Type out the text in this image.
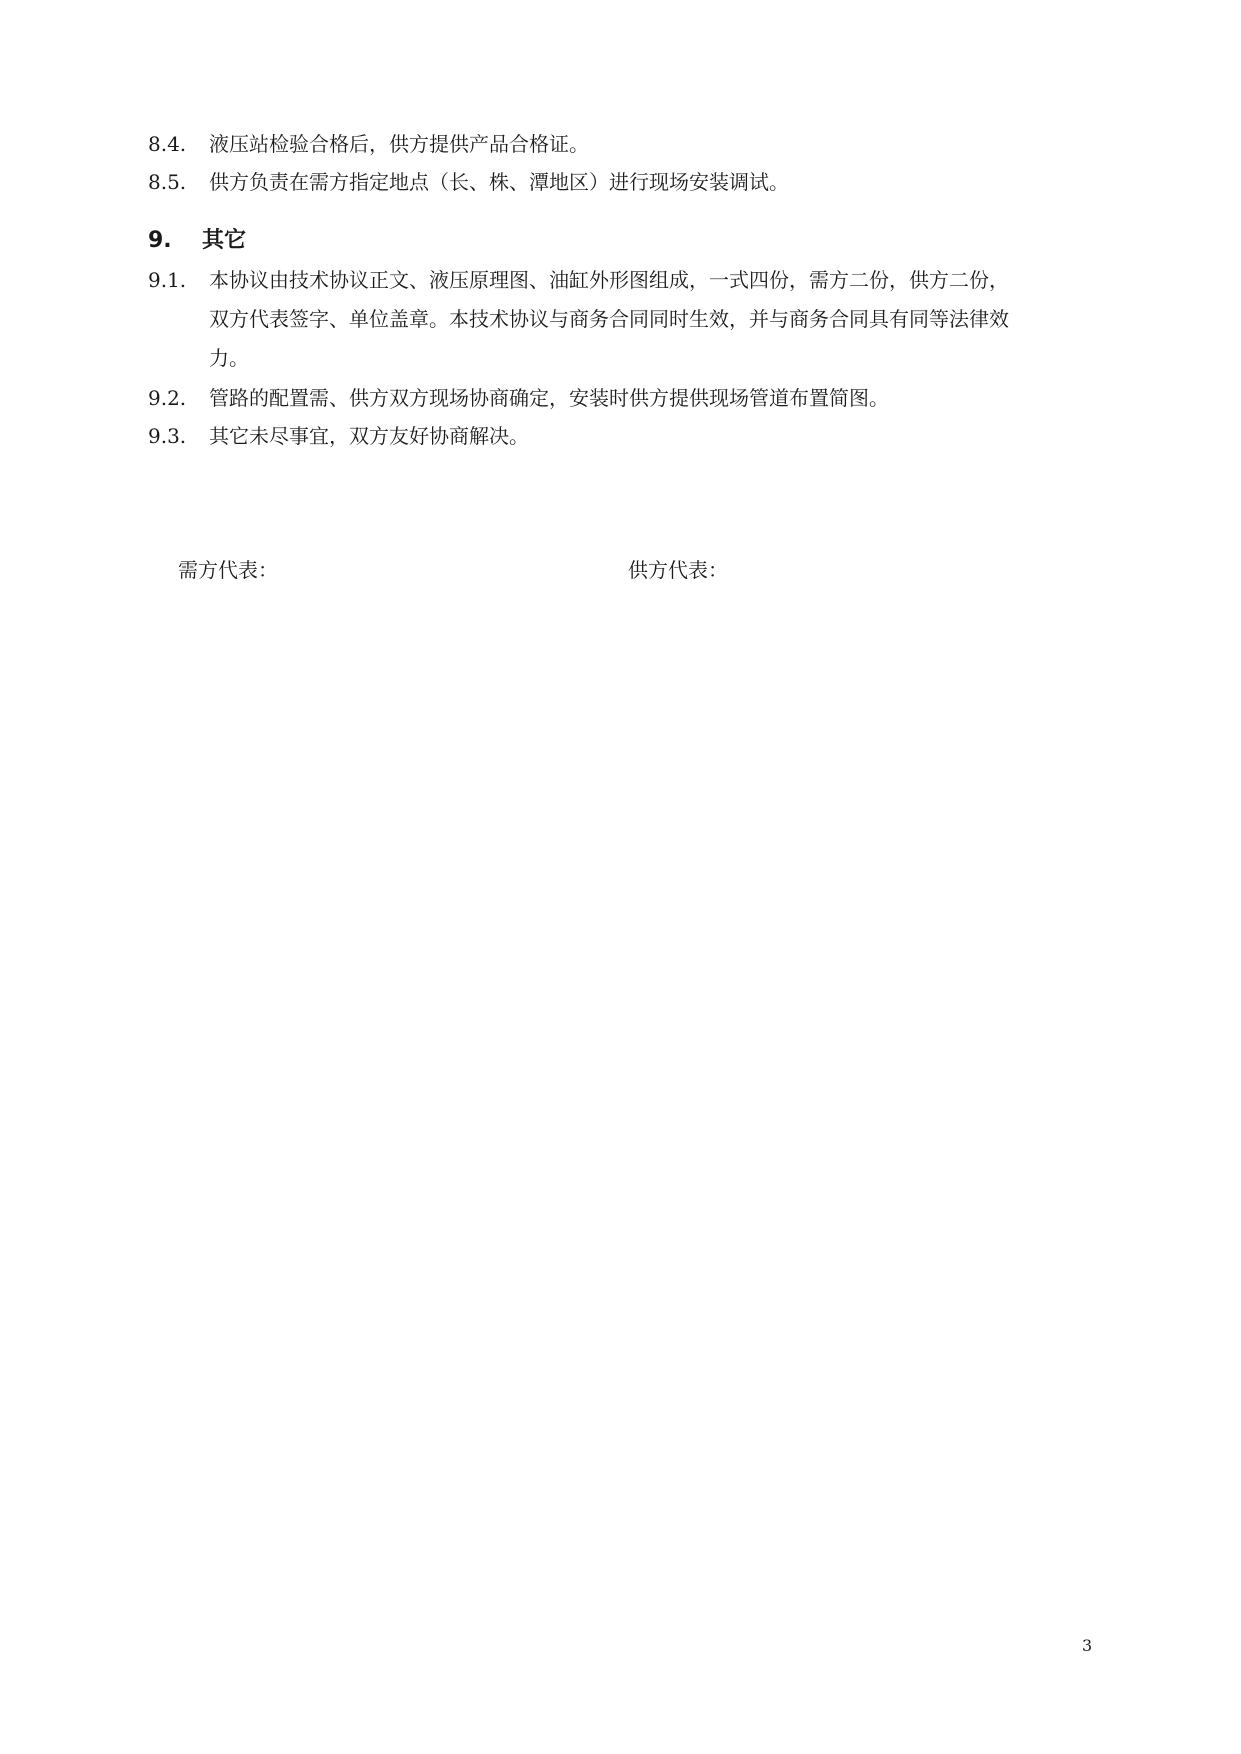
8.4.	液压站检验合格后，供方提供产品合格证。
8.5.	供方负责在需方指定地点（长、株、潭地区）进行现场安装调试。
9. 其它
9.1.	本协议由技术协议正文、液压原理图、油缸外形图组成，一式四份，需方二份，供方二份，
双方代表签字、单位盖章。本技术协议与商务合同同时生效，并与商务合同具有同等法律效
力。
9.2.	管路的配置需、供方双方现场协商确定，安装时供方提供现场管道布置简图。
9.3.	其它未尽事宜，双方友好协商解决。
需方代表：	供方代表：
3
